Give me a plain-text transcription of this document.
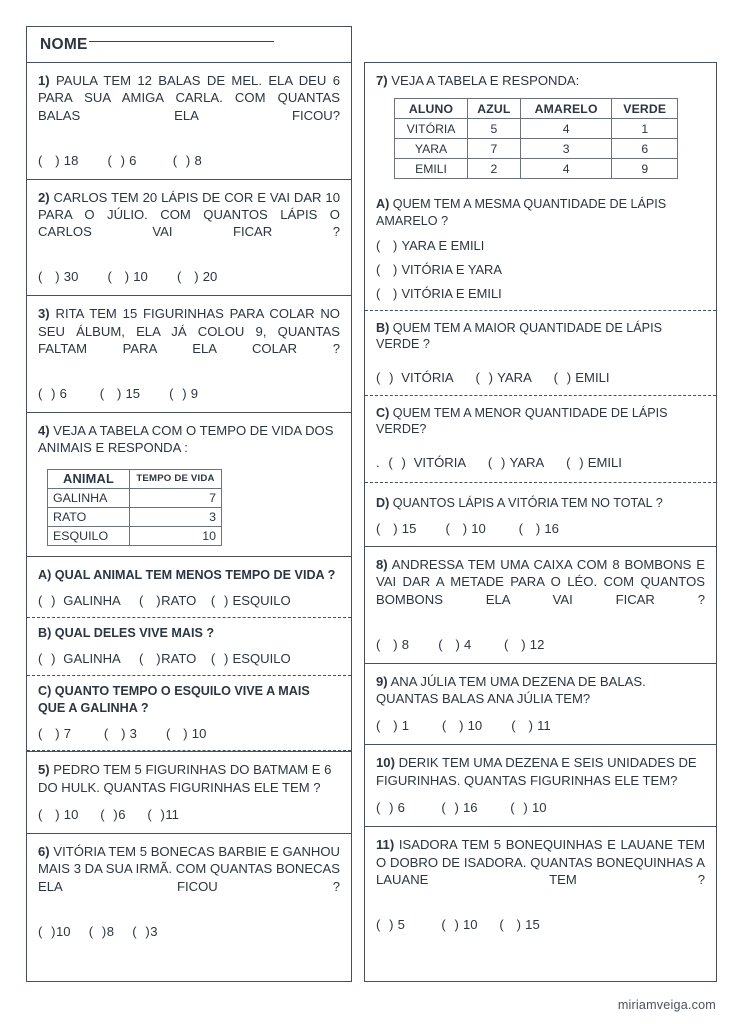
NOME

1) PAULA TEM 12 BALAS DE MEL. ELA DEU 6 PARA SUA AMIGA CARLA. COM QUANTAS BALAS ELA FICOU?

(   ) 18 (  ) 6	(  ) 8

2) CARLOS TEM 20 LÁPIS DE COR E VAI DAR 10 PARA O JÚLIO. COM QUANTOS LÁPIS O CARLOS VAI FICAR ?

(   ) 30 (   ) 10 (   ) 20

3) RITA TEM 15 FIGURINHAS PARA COLAR NO SEU ÁLBUM, ELA JÁ COLOU 9, QUANTAS FALTAM PARA ELA COLAR ?

(  ) 6	(   ) 15 (  ) 9

4) VEJA A TABELA COM O TEMPO DE VIDA DOS ANIMAIS E RESPONDA :

ANIMAL	TEMPO DE VIDA
GALINHA	7
RATO	3
ESQUILO	10

A) QUAL ANIMAL TEM MENOS TEMPO DE VIDA ?

(  ) GALINHA (   )RATO (  ) ESQUILO

B) QUAL DELES VIVE MAIS ?

(  ) GALINHA (   )RATO (  ) ESQUILO

C) QUANTO TEMPO O ESQUILO VIVE A MAIS QUE A GALINHA ?

(   ) 7	(   ) 3 (   ) 10

5) PEDRO TEM 5 FIGURINHAS DO BATMAM E 6 DO HULK. QUANTAS FIGURINHAS ELE TEM ?

(   ) 10 (  )6 (  )11

6) VITÓRIA TEM 5 BONECAS BARBIE E GANHOU MAIS 3 DA SUA IRMÃ. COM QUANTAS BONECAS ELA FICOU ?

(  )10 (  )8 (  )3

7) VEJA A TABELA E RESPONDA:

ALUNO	AZUL	AMARELO	VERDE
VITÓRIA	5	4	1
YARA	7	3	6
EMILI	2	4	9

A) QUEM TEM A MESMA QUANTIDADE DE LÁPIS AMARELO ?

(   ) YARA E EMILI
(   ) VITÓRIA E YARA
(   ) VITÓRIA E EMILI

B) QUEM TEM A MAIOR QUANTIDADE DE LÁPIS VERDE ?

(  ) VITÓRIA (  ) YARA (  ) EMILI

C) QUEM TEM A MENOR QUANTIDADE DE LÁPIS VERDE?

.  (  ) VITÓRIA (  ) YARA (  ) EMILI

D) QUANTOS LÁPIS A VITÓRIA TEM NO TOTAL ?

(   ) 15 (   ) 10	(   ) 16

8) ANDRESSA TEM UMA CAIXA COM 8 BOMBONS E VAI DAR A METADE PARA O LÉO. COM QUANTOS BOMBONS ELA VAI FICAR ?

(   ) 8 (   ) 4	(   ) 12

9) ANA JÚLIA TEM UMA DEZENA DE BALAS. QUANTAS BALAS ANA JÚLIA TEM?

(   ) 1	(   ) 10 (   ) 11

10) DERIK TEM UMA DEZENA E SEIS UNIDADES DE FIGURINHAS. QUANTAS FIGURINHAS ELE TEM?

(  ) 6	(  ) 16	(  ) 10

11) ISADORA TEM 5 BONEQUINHAS E LAUANE TEM O DOBRO DE ISADORA. QUANTAS BONEQUINHAS A LAUANE TEM ?

(  ) 5	(  ) 10 (   ) 15
miriamveiga.com
